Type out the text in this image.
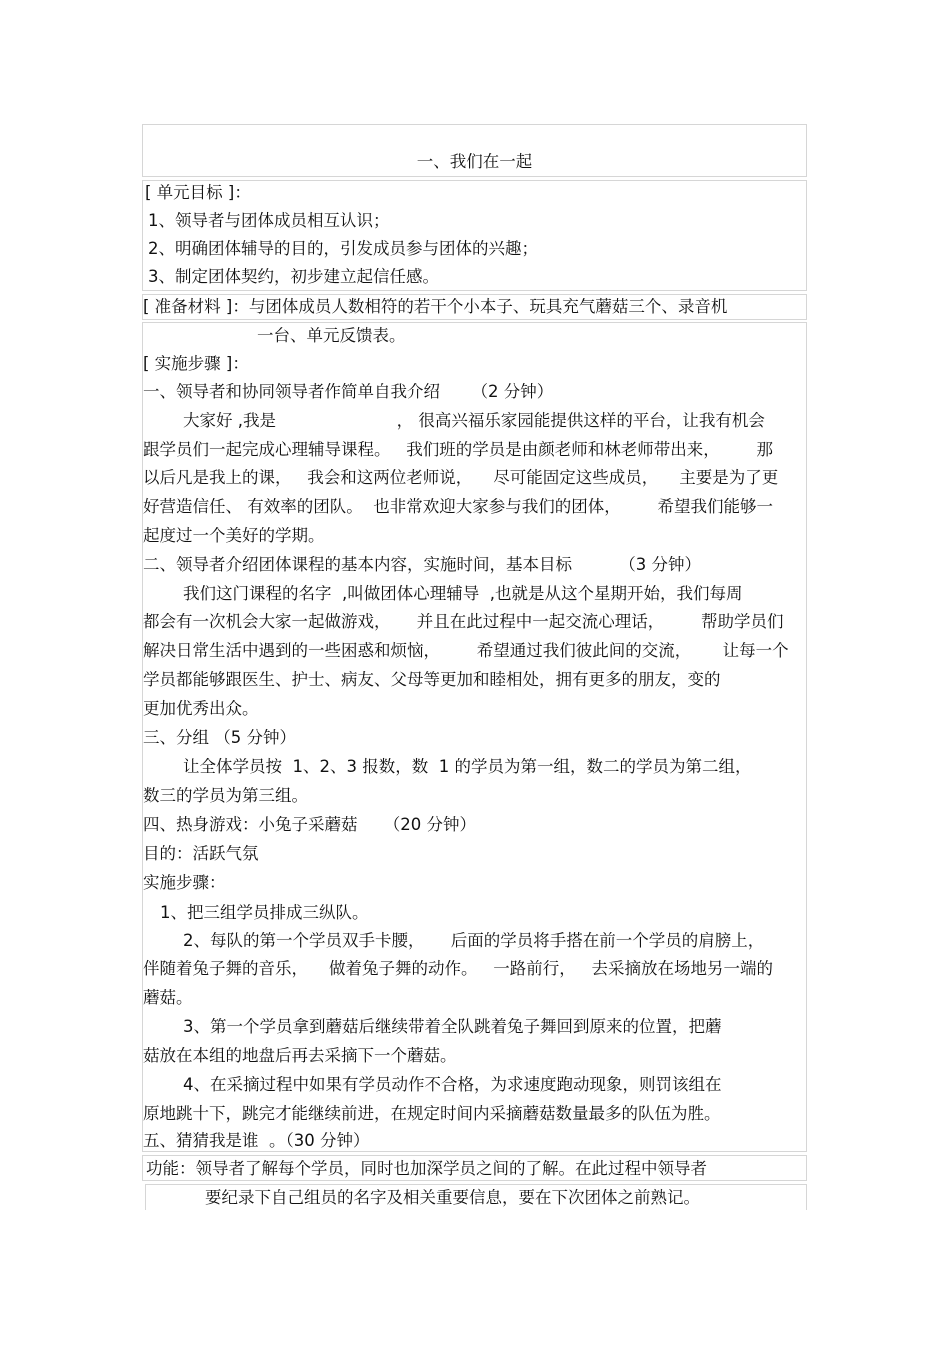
一、我们在一起
[ 单元目标 ]：
1、领导者与团体成员相互认识；
2、明确团体辅导的目的，引发成员参与团体的兴趣；
3、制定团体契约，初步建立起信任感。
[ 准备材料 ]：与团体成员人数相符的若干个小本子、玩具充气蘑菇三个、录音机
一台、单元反馈表。
[ 实施步骤 ]：
一、领导者和协同领导者作简单自我介绍      （2 分钟）
大家好 ,我是                       ， 很高兴福乐家园能提供这样的平台，让我有机会
跟学员们一起完成心理辅导课程。   我们班的学员是由颜老师和林老师带出来，       那
以后凡是我上的课，   我会和这两位老师说，    尽可能固定这些成员，    主要是为了更
好营造信任、 有效率的团队。  也非常欢迎大家参与我们的团体，       希望我们能够一
起度过一个美好的学期。
二、领导者介绍团体课程的基本内容，实施时间，基本目标         （3 分钟）
我们这门课程的名字  ,叫做团体心理辅导  ,也就是从这个星期开始，我们每周
都会有一次机会大家一起做游戏，     并且在此过程中一起交流心理话，       帮助学员们
解决日常生活中遇到的一些困惑和烦恼，       希望通过我们彼此间的交流，      让每一个
学员都能够跟医生、护士、病友、父母等更加和睦相处，拥有更多的朋友，变的
更加优秀出众。
三、分组 （5 分钟）
让全体学员按  1、2、3 报数，数  1 的学员为第一组，数二的学员为第二组，
数三的学员为第三组。
四、热身游戏：小兔子采蘑菇     （20 分钟）
目的：活跃气氛
实施步骤：
1、把三组学员排成三纵队。
2、每队的第一个学员双手卡腰，     后面的学员将手搭在前一个学员的肩膀上，
伴随着兔子舞的音乐，    做着兔子舞的动作。   一路前行，   去采摘放在场地另一端的
蘑菇。
3、第一个学员拿到蘑菇后继续带着全队跳着兔子舞回到原来的位置，把蘑
菇放在本组的地盘后再去采摘下一个蘑菇。
4、在采摘过程中如果有学员动作不合格，为求速度跑动现象，则罚该组在
原地跳十下，跳完才能继续前进，在规定时间内采摘蘑菇数量最多的队伍为胜。
五、猜猜我是谁  。（30 分钟）
功能：领导者了解每个学员，同时也加深学员之间的了解。在此过程中领导者
要纪录下自己组员的名字及相关重要信息，要在下次团体之前熟记。
